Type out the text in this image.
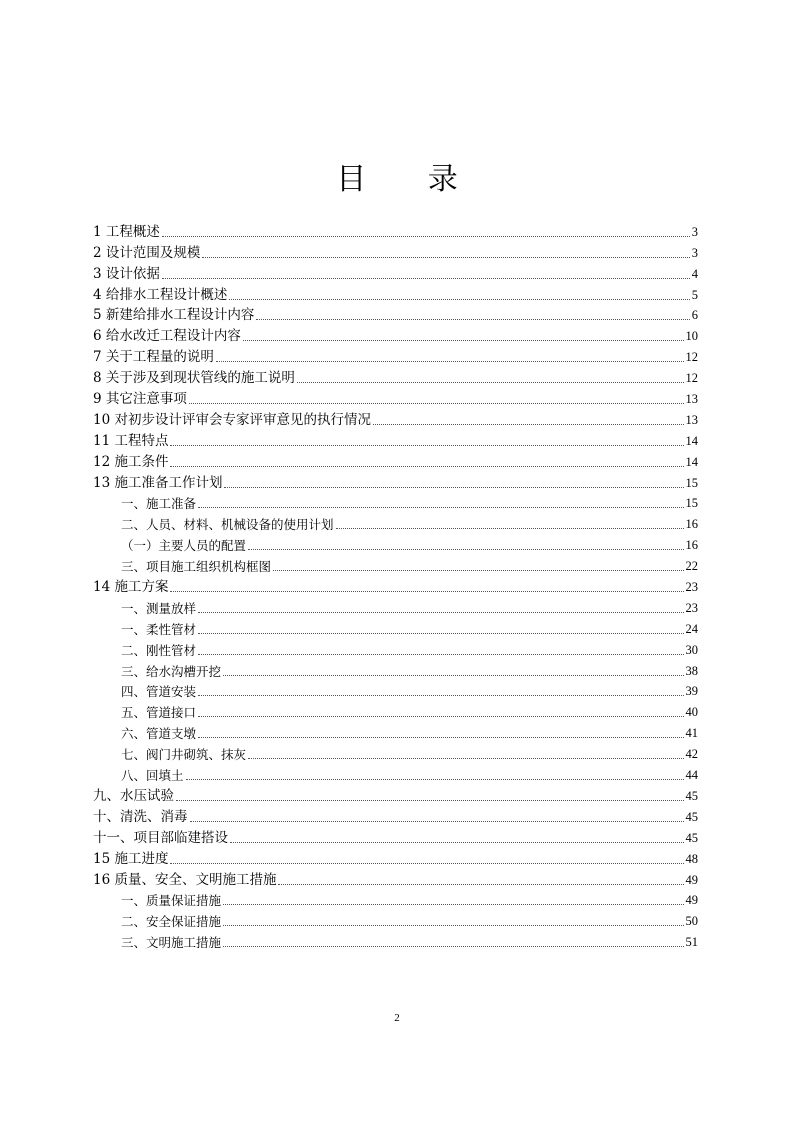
目 录
1 工程概述	3
2 设计范围及规模	3
3 设计依据	4
4 给排水工程设计概述	5
5 新建给排水工程设计内容	6
6 给水改迁工程设计内容	10
7 关于工程量的说明	12
8 关于涉及到现状管线的施工说明	12
9 其它注意事项	13
10 对初步设计评审会专家评审意见的执行情况	13
11 工程特点	14
12 施工条件	14
13 施工准备工作计划	15
一、施工准备	15
二、人员、材料、机械设备的使用计划	16
（一）主要人员的配置	16
三、项目施工组织机构框图	22
14 施工方案	23
一、测量放样	23
一、柔性管材	24
二、刚性管材	30
三、给水沟槽开挖	38
四、管道安装	39
五、管道接口	40
六、管道支墩	41
七、阀门井砌筑、抹灰	42
八、回填土	44
九、水压试验	45
十、清洗、消毒	45
十一、项目部临建搭设	45
15 施工进度	48
16 质量、安全、文明施工措施	49
一、质量保证措施	49
二、安全保证措施	50
三、文明施工措施	51
2
